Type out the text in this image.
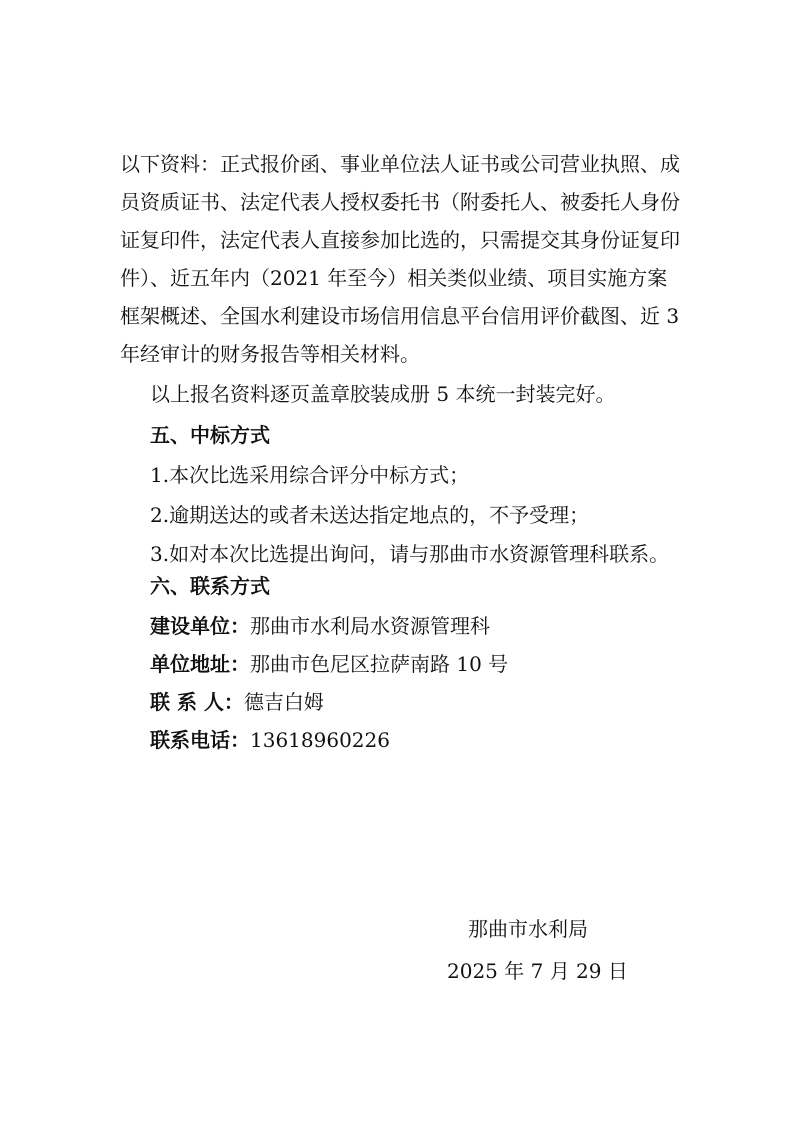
以下资料：正式报价函、事业单位法人证书或公司营业执照、成
员资质证书、法定代表人授权委托书（附委托人、被委托人身份
证复印件，法定代表人直接参加比选的，只需提交其身份证复印
件）、近五年内（2021 年至今）相关类似业绩、项目实施方案
框架概述、全国水利建设市场信用信息平台信用评价截图、近 3
年经审计的财务报告等相关材料。
以上报名资料逐页盖章胶装成册 5 本统一封装完好。
五、中标方式
1.本次比选采用综合评分中标方式；
2.逾期送达的或者未送达指定地点的，不予受理；
3.如对本次比选提出询问，请与那曲市水资源管理科联系。
六、联系方式
建设单位：那曲市水利局水资源管理科
单位地址：那曲市色尼区拉萨南路 10 号
联 系 人：德吉白姆
联系电话：13618960226
那曲市水利局
2025 年 7 月 29 日
